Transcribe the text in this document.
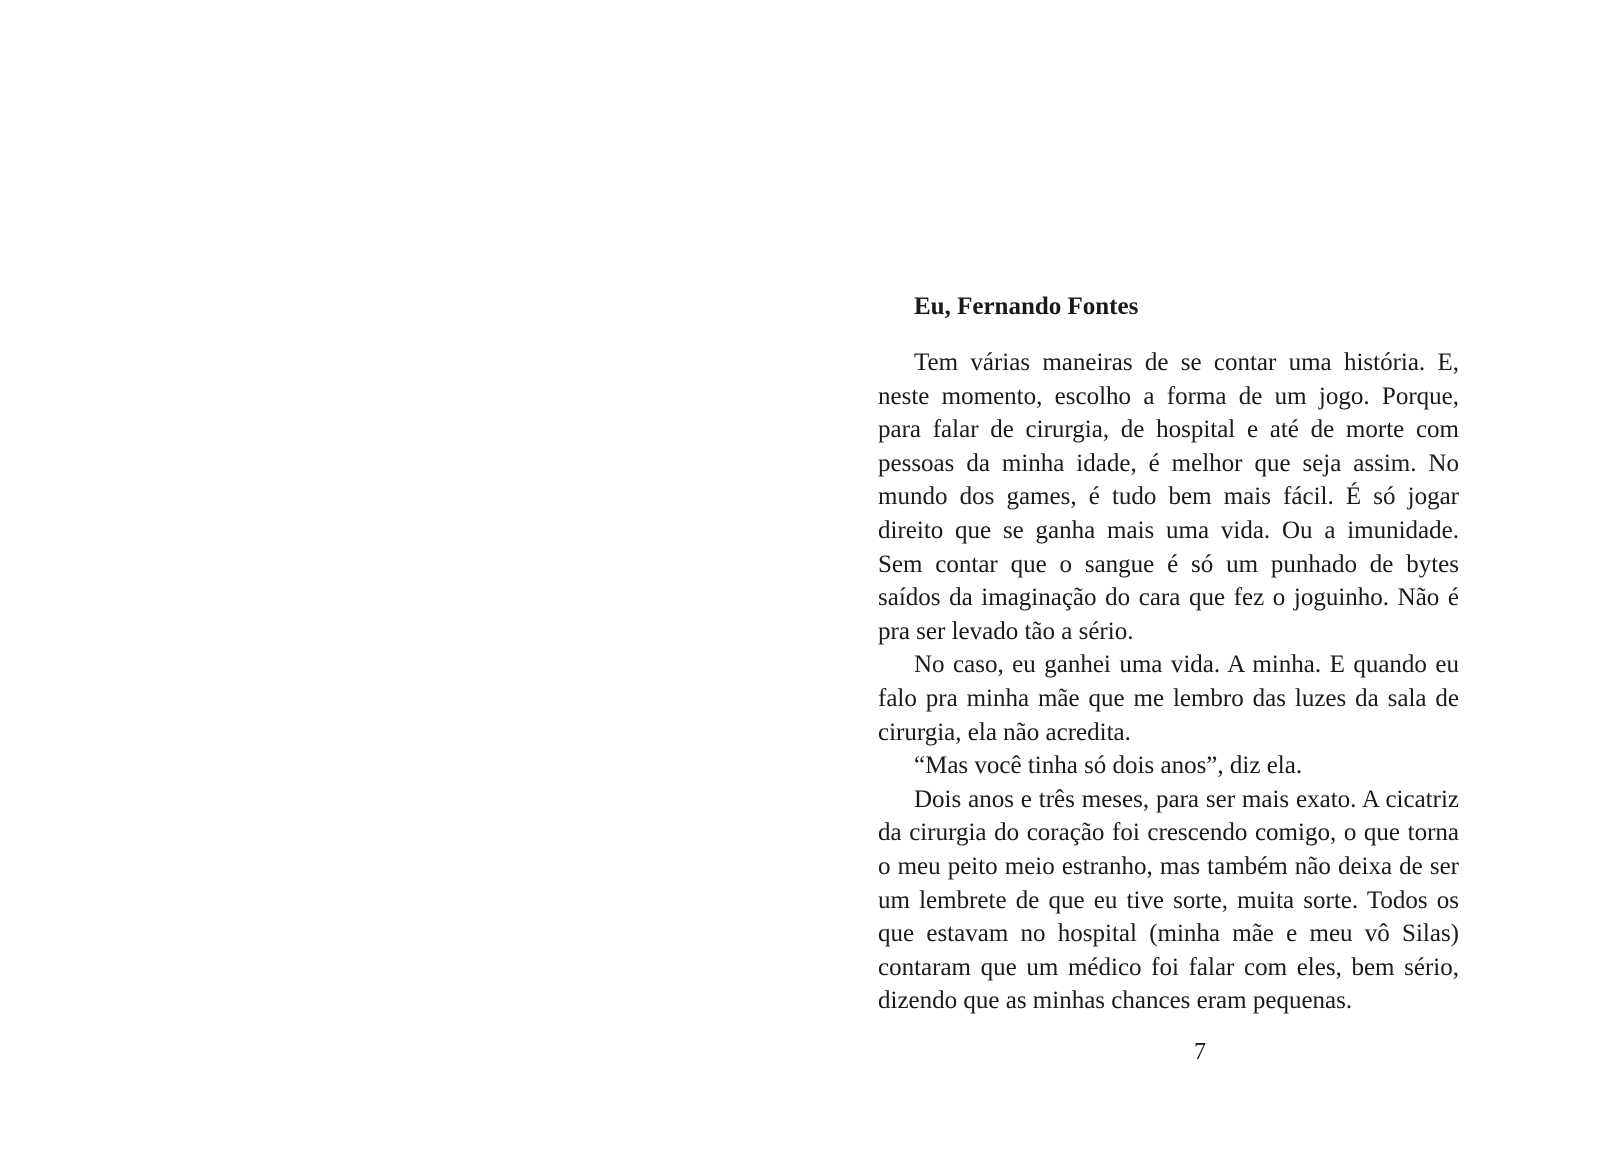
Eu, Fernando Fontes

Tem várias maneiras de se contar uma história. E, neste momento, escolho a forma de um jogo. Porque, para falar de cirurgia, de hospital e até de morte com pessoas da minha idade, é melhor que seja assim. No mundo dos games, é tudo bem mais fácil. É só jogar direito que se ganha mais uma vida. Ou a imunidade. Sem contar que o sangue é só um punhado de bytes saídos da imaginação do cara que fez o joguinho. Não é pra ser levado tão a sério.

No caso, eu ganhei uma vida. A minha. E quando eu falo pra minha mãe que me lembro das luzes da sala de cirurgia, ela não acredita.

“Mas você tinha só dois anos”, diz ela.

Dois anos e três meses, para ser mais exato. A cicatriz da cirurgia do coração foi crescendo comigo, o que torna o meu peito meio estranho, mas também não deixa de ser um lembrete de que eu tive sorte, muita sorte. Todos os que estavam no hospital (minha mãe e meu vô Silas) contaram que um médico foi falar com eles, bem sério, dizendo que as minhas chances eram pequenas.

7
